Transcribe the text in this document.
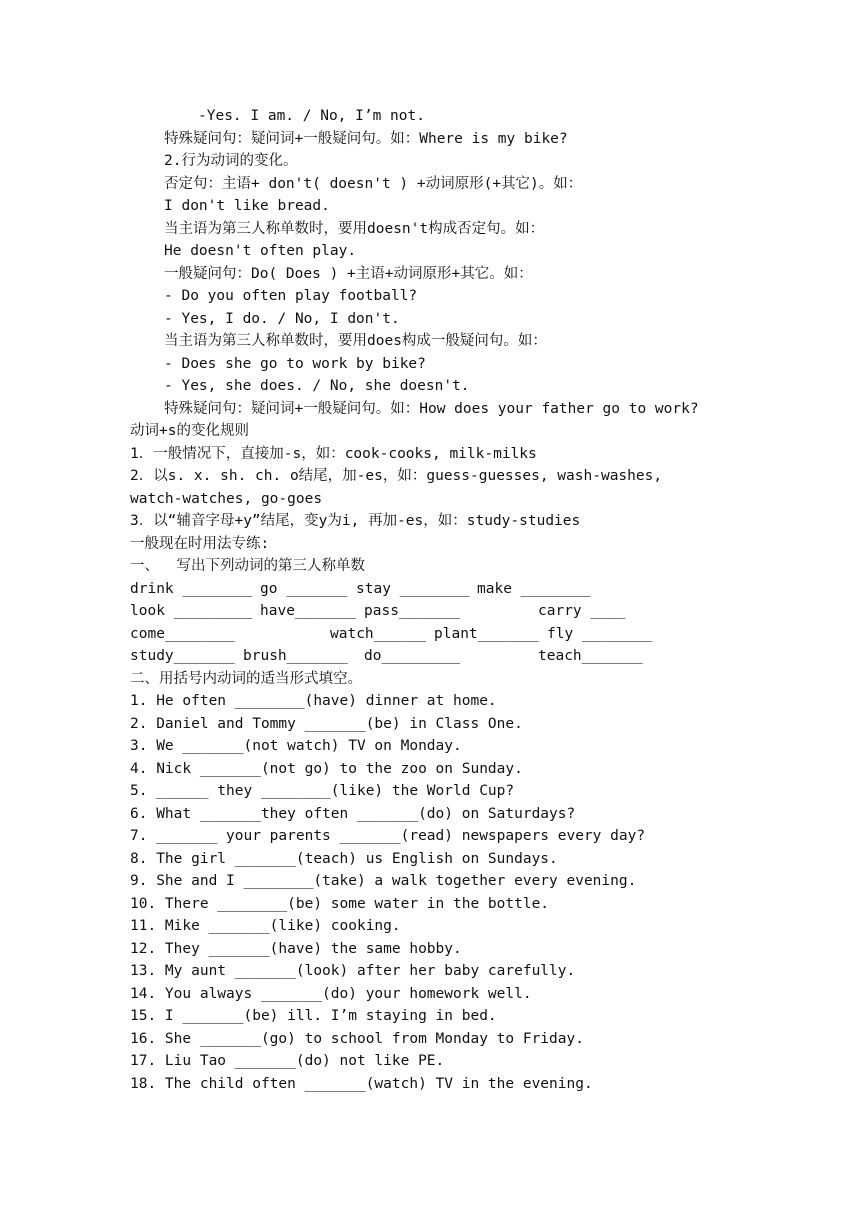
-Yes. I am. / No, I’m not.
特殊疑问句：疑问词+一般疑问句。如：Where is my bike?
2.行为动词的变化。
否定句：主语+ don't( doesn't ) +动词原形(+其它)。如：
I don't like bread.
当主语为第三人称单数时，要用doesn't构成否定句。如：
He doesn't often play.
一般疑问句：Do( Does ) +主语+动词原形+其它。如：
- Do you often play football?
- Yes, I do. / No, I don't.
当主语为第三人称单数时，要用does构成一般疑问句。如：
- Does she go to work by bike?
- Yes, she does. / No, she doesn't.
特殊疑问句：疑问词+一般疑问句。如：How does your father go to work?
动词+s的变化规则
1．一般情况下，直接加-s，如：cook-cooks, milk-milks
2．以s. x. sh. ch. o结尾，加-es，如：guess-guesses, wash-washes,
watch-watches, go-goes
3．以“辅音字母+y”结尾，变y为i, 再加-es，如：study-studies
一般现在时用法专练:
一、  写出下列动词的第三人称单数
drink ________ go _______ stay ________ make ________
look _________ have_______ pass_______	carry ____
come________	watch______ plant_______ fly ________
study_______ brush_______ do_________	teach_______
二、用括号内动词的适当形式填空。
1. He often ________(have) dinner at home.
2. Daniel and Tommy _______(be) in Class One.
3. We _______(not watch) TV on Monday.
4. Nick _______(not go) to the zoo on Sunday.
5. ______ they ________(like) the World Cup?
6. What _______they often _______(do) on Saturdays?
7. _______ your parents _______(read) newspapers every day?
8. The girl _______(teach) us English on Sundays.
9. She and I ________(take) a walk together every evening.
10. There ________(be) some water in the bottle.
11. Mike _______(like) cooking.
12. They _______(have) the same hobby.
13. My aunt _______(look) after her baby carefully.
14. You always _______(do) your homework well.
15. I _______(be) ill. I’m staying in bed.
16. She _______(go) to school from Monday to Friday.
17. Liu Tao _______(do) not like PE.
18. The child often _______(watch) TV in the evening.
